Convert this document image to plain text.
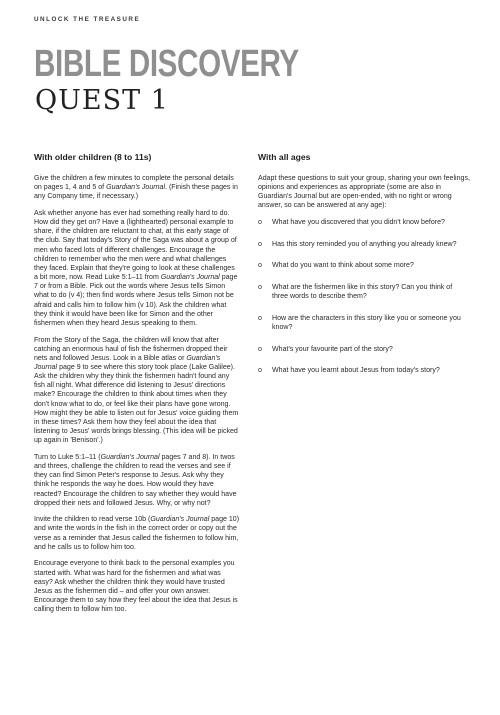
UNLOCK THE TREASURE
BIBLE DISCOVERY
QUEST 1
With older children (8 to 11s)

Give the children a few minutes to complete the personal details on pages 1, 4 and 5 of Guardian's Journal. (Finish these pages in any Company time, if necessary.)

Ask whether anyone has ever had something really hard to do. How did they get on? Have a (lighthearted) personal example to share, if the children are reluctant to chat, at this early stage of the club. Say that today's Story of the Saga was about a group of men who faced lots of different challenges. Encourage the children to remember who the men were and what challenges they faced. Explain that they're going to look at these challenges a bit more, now. Read Luke 5:1–11 from Guardian's Journal page 7 or from a Bible. Pick out the words where Jesus tells Simon what to do (v 4); then find words where Jesus tells Simon not be afraid and calls him to follow him (v 10). Ask the children what they think it would have been like for Simon and the other fishermen when they heard Jesus speaking to them.

From the Story of the Saga, the children will know that after catching an enormous haul of fish the fishermen dropped their nets and followed Jesus. Look in a Bible atlas or Guardian's Journal page 9 to see where this story took place (Lake Galilee). Ask the children why they think the fishermen hadn't found any fish all night. What difference did listening to Jesus' directions make? Encourage the children to think about times when they don't know what to do, or feel like their plans have gone wrong. How might they be able to listen out for Jesus' voice guiding them in these times? Ask them how they feel about the idea that listening to Jesus' words brings blessing. (This idea will be picked up again in 'Benison'.)

Turn to Luke 5:1–11 (Guardian's Journal pages 7 and 8). In twos and threes, challenge the children to read the verses and see if they can find Simon Peter's response to Jesus. Ask why they think he responds the way he does. How would they have reacted? Encourage the children to say whether they would have dropped their nets and followed Jesus. Why, or why not?

Invite the children to read verse 10b (Guardian's Journal page 10) and write the words in the fish in the correct order or copy out the verse as a reminder that Jesus called the fishermen to follow him, and he calls us to follow him too.

Encourage everyone to think back to the personal examples you started with. What was hard for the fishermen and what was easy? Ask whether the children think they would have trusted Jesus as the fishermen did – and offer your own answer. Encourage them to say how they feel about the idea that Jesus is calling them to follow him too.

With all ages

Adapt these questions to suit your group, sharing your own feelings, opinions and experiences as appropriate (some are also in Guardian's Journal but are open-ended, with no right or wrong answer, so can be answered at any age):

o What have you discovered that you didn't know before?
o Has this story reminded you of anything you already knew?
o What do you want to think about some more?
o What are the fishermen like in this story? Can you think of three words to describe them?
o How are the characters in this story like you or someone you know?
o What's your favourite part of the story?
o What have you learnt about Jesus from today's story?
